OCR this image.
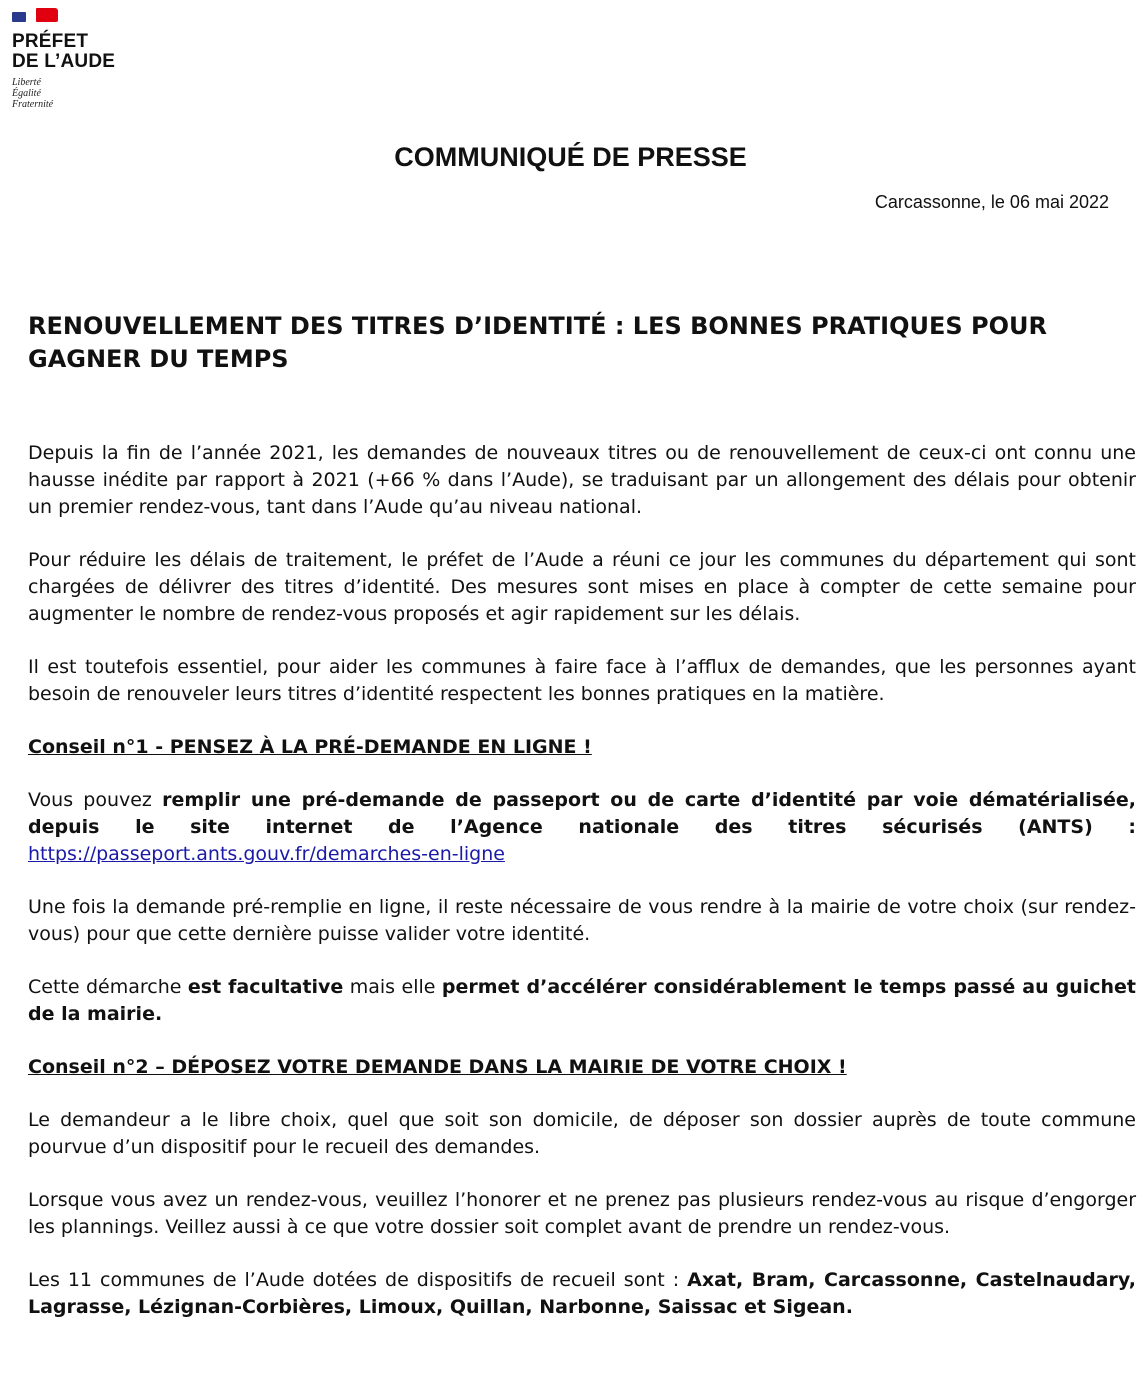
PRÉFET
DE L’AUDE
Liberté
Égalité
Fraternité
COMMUNIQUÉ DE PRESSE
Carcassonne, le 06 mai 2022
RENOUVELLEMENT DES TITRES D’IDENTITÉ : LES BONNES PRATIQUES POUR
GAGNER DU TEMPS

Depuis la fin de l’année 2021, les demandes de nouveaux titres ou de renouvellement de ceux-ci ont connu une hausse inédite par rapport à 2021 (+66 % dans l’Aude), se traduisant par un allongement des délais pour obtenir un premier rendez-vous, tant dans l’Aude qu’au niveau national.

Pour réduire les délais de traitement, le préfet de l’Aude a réuni ce jour les communes du département qui sont chargées de délivrer des titres d’identité. Des mesures sont mises en place à compter de cette semaine pour augmenter le nombre de rendez-vous proposés et agir rapidement sur les délais.

Il est toutefois essentiel, pour aider les communes à faire face à l’afflux de demandes, que les personnes ayant besoin de renouveler leurs titres d’identité respectent les bonnes pratiques en la matière.

Conseil n°1 - PENSEZ À LA PRÉ-DEMANDE EN LIGNE !

Vous pouvez remplir une pré-demande de passeport ou de carte d’identité par voie dématérialisée, depuis le site internet de l’Agence nationale des titres sécurisés (ANTS) : https://passeport.ants.gouv.fr/demarches-en-ligne

Une fois la demande pré-remplie en ligne, il reste nécessaire de vous rendre à la mairie de votre choix (sur rendez-vous) pour que cette dernière puisse valider votre identité.

Cette démarche est facultative mais elle permet d’accélérer considérablement le temps passé au guichet de la mairie.

Conseil n°2 – DÉPOSEZ VOTRE DEMANDE DANS LA MAIRIE DE VOTRE CHOIX !

Le demandeur a le libre choix, quel que soit son domicile, de déposer son dossier auprès de toute commune pourvue d’un dispositif pour le recueil des demandes.

Lorsque vous avez un rendez-vous, veuillez l’honorer et ne prenez pas plusieurs rendez-vous au risque d’engorger les plannings. Veillez aussi à ce que votre dossier soit complet avant de prendre un rendez-vous.

Les 11 communes de l’Aude dotées de dispositifs de recueil sont : Axat, Bram, Carcassonne, Castelnaudary, Lagrasse, Lézignan-Corbières, Limoux, Quillan, Narbonne, Saissac et Sigean.
